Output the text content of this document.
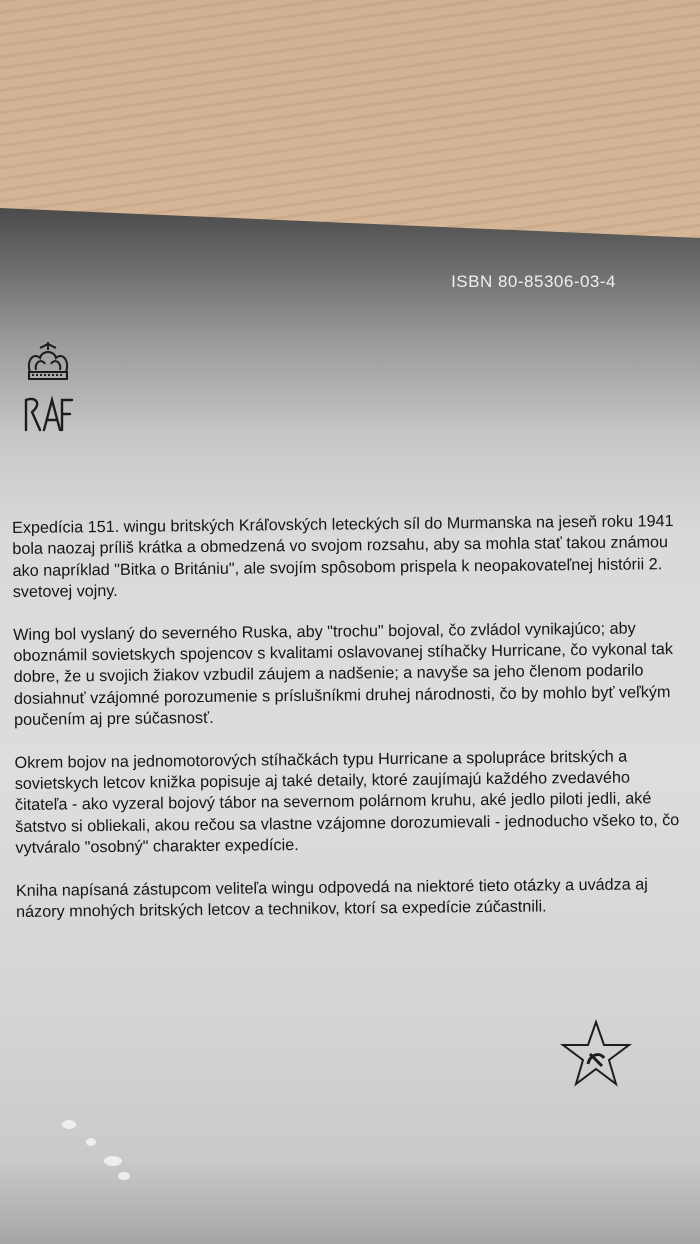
ISBN 80-85306-03-4

Expedícia 151. wingu britských Kráľovských leteckých síl do Murmanska na jeseň roku 1941 bola naozaj príliš krátka a obmedzená vo svojom rozsahu, aby sa mohla stať takou známou ako napríklad "Bitka o Britániu", ale svojím spôsobom prispela k neopakovateľnej histórii 2. svetovej vojny.

Wing bol vyslaný do severného Ruska, aby "trochu" bojoval, čo zvládol vynikajúco; aby oboznámil sovietskych spojencov s kvalitami oslavovanej stíhačky Hurricane, čo vykonal tak dobre, že u svojich žiakov vzbudil záujem a nadšenie; a navyše sa jeho členom podarilo dosiahnuť vzájomné porozumenie s príslušníkmi druhej národnosti, čo by mohlo byť veľkým poučením aj pre súčasnosť.

Okrem bojov na jednomotorových stíhačkách typu Hurricane a spolupráce britských a sovietskych letcov knižka popisuje aj také detaily, ktoré zaujímajú každého zvedavého čitateľa - ako vyzeral bojový tábor na severnom polárnom kruhu, aké jedlo piloti jedli, aké šatstvo si obliekali, akou rečou sa vlastne vzájomne dorozumievali - jednoducho všeko to, čo vytváralo "osobný" charakter expedície.

Kniha napísaná zástupcom veliteľa wingu odpovedá na niektoré tieto otázky a uvádza aj názory mnohých britských letcov a technikov, ktorí sa expedície zúčastnili.
